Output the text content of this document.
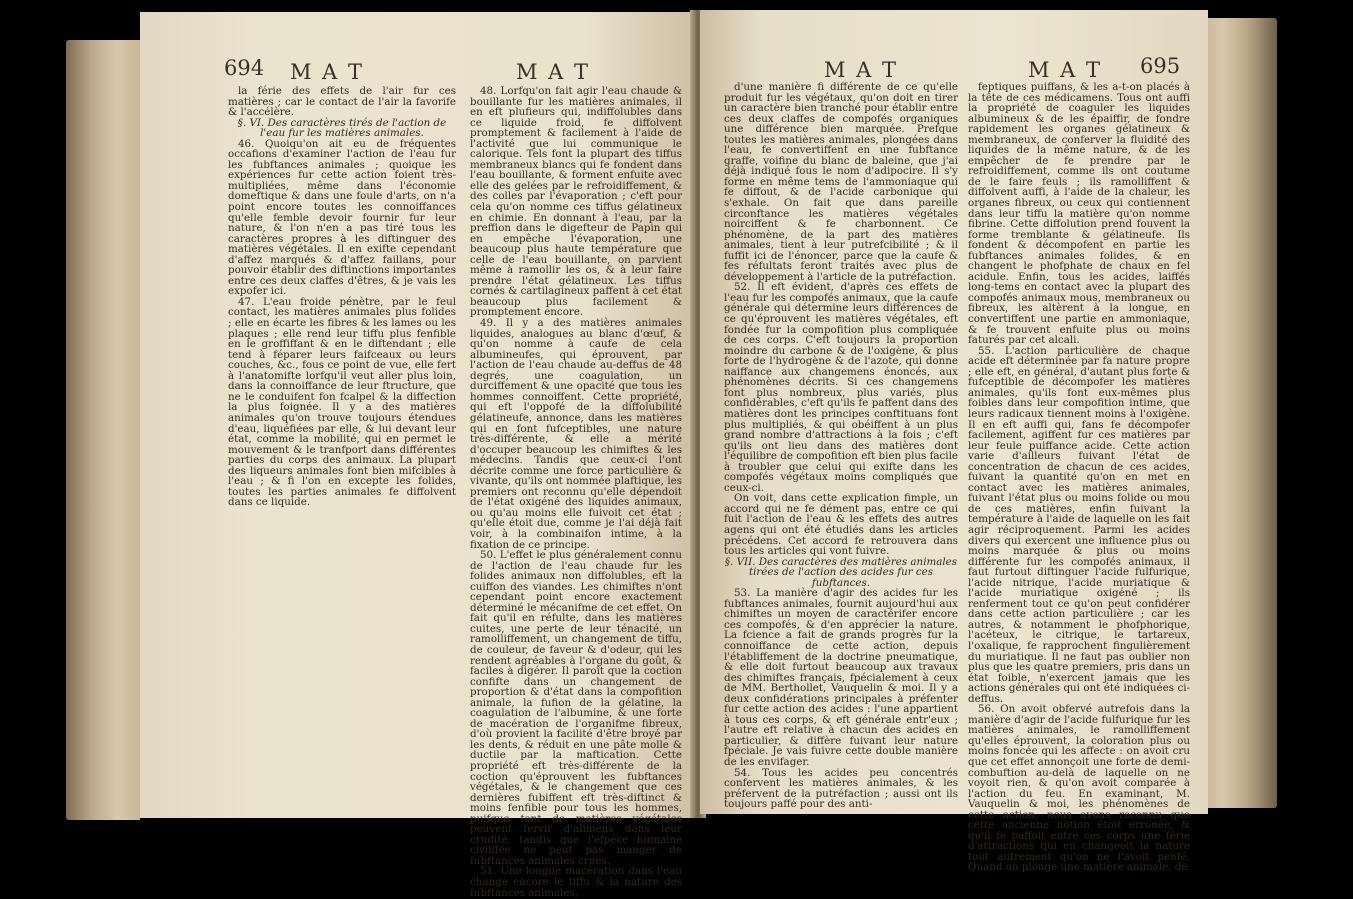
694 M A T	M A T

la férie des effets de l'air fur ces matières ; car le contact de l'air la favorife & l'accélère.

§. VI. Des caractères tirés de l'action de l'eau fur les matières animales.

46. Quoiqu'on ait eu de fréquentes occafions d'examiner l'action de l'eau fur les fubftances animales ; quoique les expériences fur cette action foient très-multipliées, même dans l'économie domeftique & dans une foule d'arts, on n'a point encore toutes les connoiffances qu'elle femble devoir fournir fur leur nature, & l'on n'en a pas tiré tous les caractères propres à les diftinguer des matières végétales. Il en exifte cependant d'affez marqués & d'affez faillans, pour pouvoir établir des diftinctions importantes entre ces deux claffes d'êtres, & je vais les expofer ici.

47. L'eau froide pénètre, par le feul contact, les matières animales plus folides ; elle en écarte les fibres & les lames ou les plaques ; elle rend leur tiffu plus fenfible en le groffiffant & en le diftendant ; elle tend à féparer leurs faifceaux ou leurs couches, &c., fous ce point de vue, elle fert à l'anatomifte lorfqu'il veut aller plus loin, dans la connoiffance de leur ftructure, que ne le conduifent fon fcalpel & la diffection la plus foignée. Il y a des matières animales qu'on trouve toujours étendues d'eau, liquéfiées par elle, & lui devant leur état, comme la mobilité, qui en permet le mouvement & le tranfport dans différentes parties du corps des animaux. La plupart des liqueurs animales font bien mifcibles à l'eau ; & fi l'on en excepte les folides, toutes les parties animales fe diffolvent dans ce liquide.

48. Lorfqu'on fait agir l'eau chaude & bouillante fur les matières animales, il en eft plufieurs qui, indiffolubles dans ce liquide froid, fe diffolvent promptement & facilement à l'aide de l'activité que lui communique le calorique. Tels font la plupart des tiffus membraneux blancs qui fe fondent dans l'eau bouillante, & forment enfuite avec elle des gelées par le refroidiffement, & des colles par l'évaporation ; c'eft pour cela qu'on nomme ces tiffus gélatineux en chimie. En donnant à l'eau, par la preffion dans le digefteur de Papin qui en empêche l'évaporation, une beaucoup plus haute température que celle de l'eau bouillante, on parvient même à ramollir les os, & à leur faire prendre l'état gélatineux. Les tiffus cornés & cartilagineux paffent à cet état beaucoup plus facilement & promptement encore.

49. Il y a des matières animales liquides, analogues au blanc d'œuf, & qu'on nomme à caufe de cela albumineufes, qui éprouvent, par l'action de l'eau chaude au-deffus de 48 degrés, une coagulation, un durciffement & une opacité que tous les hommes connoiffent. Cette propriété, qui eft l'oppofé de la diffolubilité gélatineufe, annonce, dans les matières qui en font fufceptibles, une nature très-différente, & elle a mérité d'occuper beaucoup les chimiftes & les médecins. Tandis que ceux-ci l'ont décrite comme une force particulière & vivante, qu'ils ont nommée plaftique, les premiers ont reconnu qu'elle dépendoit de l'état oxigéné des liquides animaux, ou qu'au moins elle fuivoit cet état ; qu'elle étoit due, comme je l'ai déjà fait voir, à la combinaifon intime, à la fixation de ce principe.

50. L'effet le plus généralement connu de l'action de l'eau chaude fur les folides animaux non diffolubles, eft la cuiffon des viandes. Les chimiftes n'ont cependant point encore exactement déterminé le mécanifme de cet effet. On fait qu'il en réfulte, dans les matières cuites, une perte de leur ténacité, un ramolliffement, un changement de tiffu, de couleur, de faveur & d'odeur, qui les rendent agréables à l'organe du goût, & faciles à digérer. Il paroît que la coction confifte dans un changement de proportion & d'état dans la compofition animale, la fufion de la gélatine, la coagulation de l'albumine, & une forte de macération de l'organifme fibreux, d'où provient la facilité d'être broyé par les dents, & réduit en une pâte molle & ductile par la maftication. Cette propriété eft très-différente de la coction qu'éprouvent les fubftances végétales, & le changement que ces dernières fubiffent eft très-diftinct & moins fenfible pour tous les hommes, puifque tant de matières végétales peuvent fervir d'alimens dans leur crudité, tandis que l'efpèce humaine civilifée ne peut pas manger de fubftances animales crues.

51. Une longue macération dans l'eau change encore le tiffu & la nature des fubftances animales,

M A T	M A T 695

d'une manière fi différente de ce qu'elle produit fur les végétaux, qu'on doit en tirer un caractère bien tranché pour établir entre ces deux claffes de compofés organiques une différence bien marquée. Prefque toutes les matières animales, plongées dans l'eau, fe convertiffent en une fubftance graffe, voifine du blanc de baleine, que j'ai déjà indiqué fous le nom d'adipocire. Il s'y forme en même tems de l'ammoniaque qui fe diffout, & de l'acide carbonique qui s'exhale. On fait que dans pareille circonftance les matières végétales noirciffent & fe charbonnent. Ce phénomène, de la part des matières animales, tient à leur putrefcibilité ; & il fuffit ici de l'énoncer, parce que la caufe & fes réfultats feront traités avec plus de développement à l'article de la putréfaction.

52. Il eft évident, d'après ces effets de l'eau fur les compofés animaux, que la caufe générale qui détermine leurs différences de ce qu'éprouvent les matières végétales, eft fondée fur la compofition plus compliquée de ces corps. C'eft toujours la proportion moindre du carbone & de l'oxigène, & plus forte de l'hydrogène & de l'azote, qui donne naiffance aux changemens énoncés, aux phénomènes décrits. Si ces changemens font plus nombreux, plus variés, plus confidérables, c'eft qu'ils fe paffent dans des matières dont les principes conftituans font plus multipliés, & qui obéiffent à un plus grand nombre d'attractions à la fois ; c'eft qu'ils ont lieu dans des matières dont l'équilibre de compofition eft bien plus facile à troubler que celui qui exifte dans les compofés végétaux moins compliqués que ceux-ci.

On voit, dans cette explication fimple, un accord qui ne fe dément pas, entre ce qui fuit l'action de l'eau & les effets des autres agens qui ont été étudiés dans les articles précédens. Cet accord fe retrouvera dans tous les articles qui vont fuivre.

§. VII. Des caractères des matières animales tirées de l'action des acides fur ces fubftances.

53. La manière d'agir des acides fur les fubftances animales, fournit aujourd'hui aux chimiftes un moyen de caractérifer encore ces compofés, & d'en apprécier la nature. La fcience a fait de grands progrès fur la connoiffance de cette action, depuis l'établiffement de la doctrine pneumatique, & elle doit furtout beaucoup aux travaux des chimiftes français, fpécialement à ceux de MM. Berthollet, Vauquelin & moi. Il y a deux confidérations principales à préfenter fur cette action des acides : l'une appartient à tous ces corps, & eft générale entr'eux ; l'autre eft relative à chacun des acides en particulier, & diffère fuivant leur nature fpéciale. Je vais fuivre cette double manière de les envifager.

54. Tous les acides peu concentrés confervent les matières animales, & les préfervent de la putréfaction ; aussi ont ils toujours paffé pour des anti-

feptiques puiffans, & les a-t-on placés à la tête de ces médicamens. Tous ont auffi la propriété de coaguler les liquides albumineux & de les épaiffir, de fondre rapidement les organes gélatineux & membraneux, de conferver la fluidité des liquides de la même nature, & de les empêcher de fe prendre par le refroidiffement, comme ils ont coutume de le faire feuls ; ils ramolliffent & diffolvent auffi, à l'aide de la chaleur, les organes fibreux, ou ceux qui contiennent dans leur tiffu la matière qu'on nomme fibrine. Cette diffolution prend fouvent la forme tremblante & gélatineufe. Ils fondent & décompofent en partie les fubftances animales folides, & en changent le phofphate de chaux en fel acidule. Enfin, tous les acides, laiffés long-tems en contact avec la plupart des compofés animaux mous, membraneux ou fibreux, les altèrent à la longue, en convertiffent une partie en ammoniaque, & fe trouvent enfuite plus ou moins faturés par cet alcali.

55. L'action particulière de chaque acide eft déterminée par fa nature propre ; elle eft, en général, d'autant plus forte & fufceptible de décompofer les matières animales, qu'ils font eux-mêmes plus foibles dans leur compofition intime, que leurs radicaux tiennent moins à l'oxigène. Il en eft auffi qui, fans fe décompofer facilement, agiffent fur ces matières par leur feule puiffance acide. Cette action varie d'ailleurs fuivant l'état de concentration de chacun de ces acides, fuivant la quantité qu'on en met en contact avec les matières animales, fuivant l'état plus ou moins folide ou mou de ces matières, enfin fuivant la température à l'aide de laquelle on les fait agir réciproquement. Parmi les acides divers qui exercent une influence plus ou moins marquée & plus ou moins différente fur les compofés animaux, il faut furtout diftinguer l'acide fulfurique, l'acide nitrique, l'acide muriatique & l'acide muriatique oxigéné ; ils renferment tout ce qu'on peut confidérer dans cette action particulière ; car les autres, & notamment le phofphorique, l'acéteux, le citrique, le tartareux, l'oxalique, fe rapprochent fingulièrement du muriatique. Il ne faut pas oublier non plus que les quatre premiers, pris dans un état foible, n'exercent jamais que les actions générales qui ont été indiquées ci-deffus.

56. On avoit obfervé autrefois dans la manière d'agir de l'acide fulfurique fur les matières animales, le ramolliffement qu'elles éprouvent, la coloration plus ou moins foncée qui les affecte : on avoit cru que cet effet annonçoit une forte de demi-combuftion au-delà de laquelle on ne voyoit rien, & qu'on avoit comparée à l'action du feu. En examinant, M. Vauquelin & moi, les phénomènes de cette action, nous avons reconnu que cette ancienne notion étoit erronée, & qu'il fe paffoit entre ces corps une férie d'attractions qui en changeoit la nature tout autrement qu'on ne l'avoit penfé. Quand on plonge une matière animale, de
